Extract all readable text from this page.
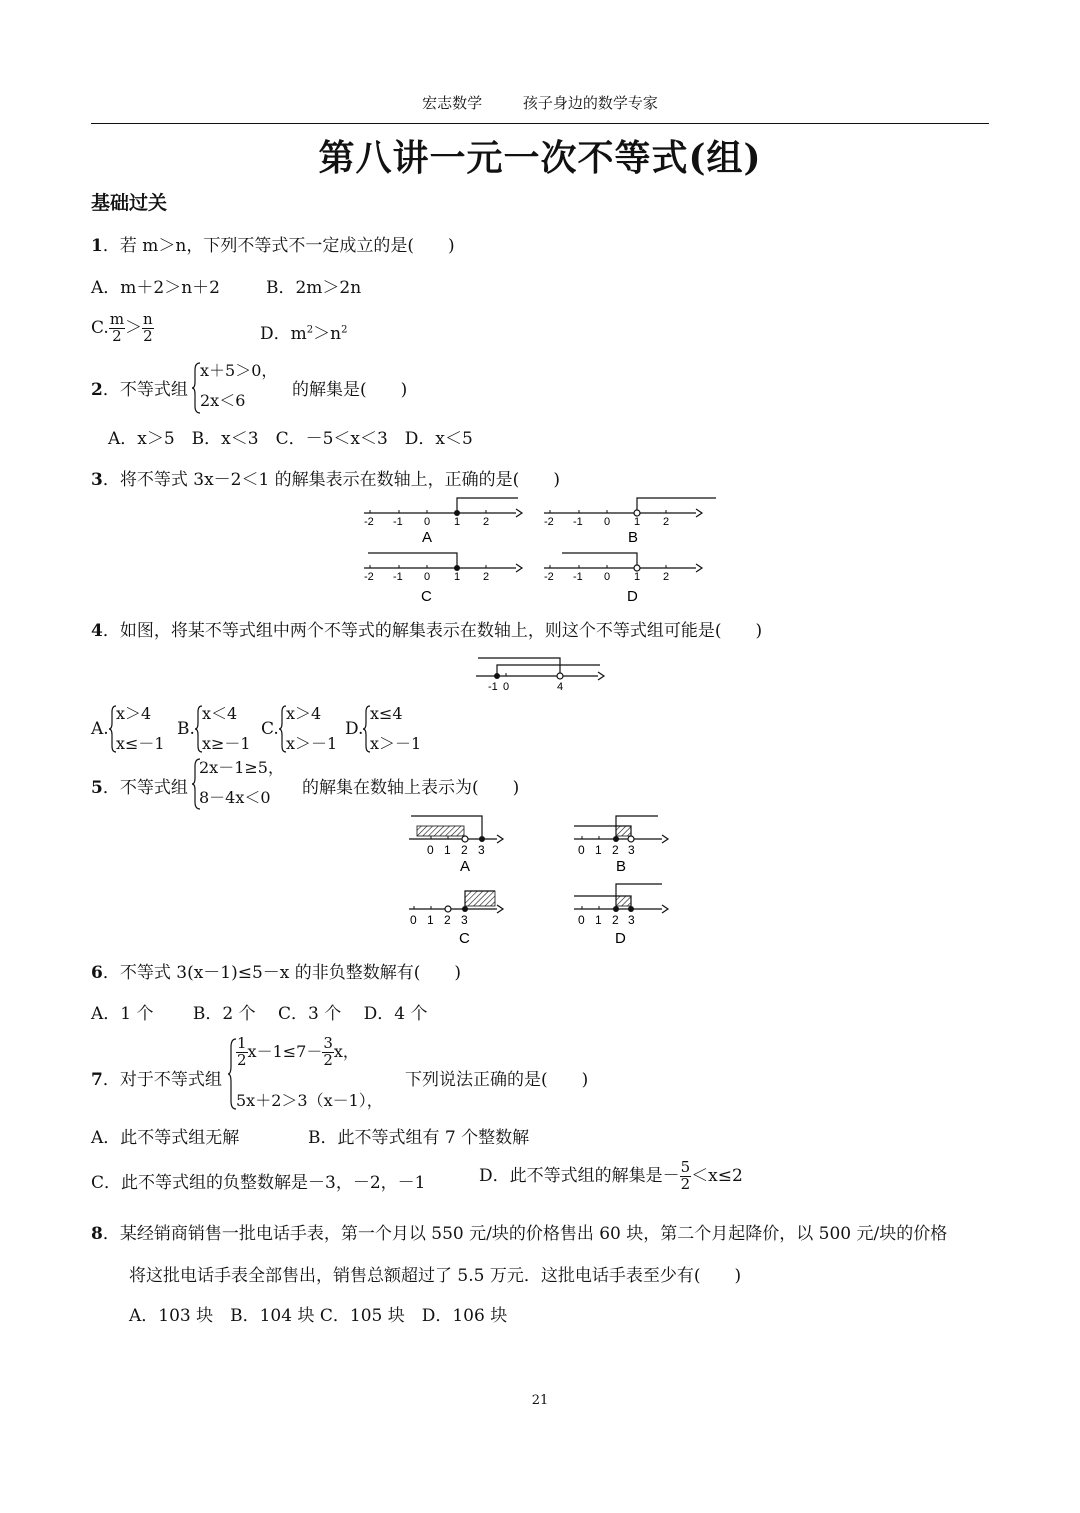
宏志数学	孩子身边的数学专家
第八讲一元一次不等式(组)
基础过关
1．若 m＞n，下列不等式不一定成立的是(　　)
A．m＋2＞n＋2	B．2m＞2n
C. $\frac{m}{2} > \frac{n}{2}$	D．$m^2>n^2$
2．不等式组
x＋5＞0，
2x＜6
的解集是(　　)
A．x＞5　B．x＜3　C．－5＜x＜3　D．x＜5
3．将不等式 3x－2＜1 的解集表示在数轴上，正确的是(　　)
-2 -1 0 1 2
A
-2 -1 0 1 2
B
-2 -1 0 1 2
C
-2 -1 0 1 2
D
4．如图，将某不等式组中两个不等式的解集表示在数轴上，则这个不等式组可能是(　　)
-1 0	4
A.
x＞4
x≤－1
B.
x＜4
x≥－1
C.
x＞4
x＞－1
D.
x≤4
x＞－1
5．不等式组
2x－1≥5，
8－4x＜0	的解集在数轴上表示为(　　)
0 1 2 3
A
0 1 2 3
B
0 1 2 3
C
0 1 2 3
D
6．不等式 3(x－1)≤5－x 的非负整数解有(　　)
A．1 个　　 B．2 个　 C．3 个　 D．4 个
7．对于不等式组
$\frac{1}{2} x-1\le 7- \frac{3}{2}$ x，
5x＋2＞3（x－1），
下列说法正确的是(　　)
A．此不等式组无解	B．此不等式组有 7 个整数解
C．此不等式组的负整数解是－3，－2，－1	D．此不等式组的解集是－ $\frac{5}{2} <x\le 2$
8．某经销商销售一批电话手表，第一个月以 550 元/块的价格售出 60 块，第二个月起降价，以 500 元/块的价格
将这批电话手表全部售出，销售总额超过了 5.5 万元．这批电话手表至少有(　　)
A．103 块　B．104 块 C．105 块　D．106 块
21
